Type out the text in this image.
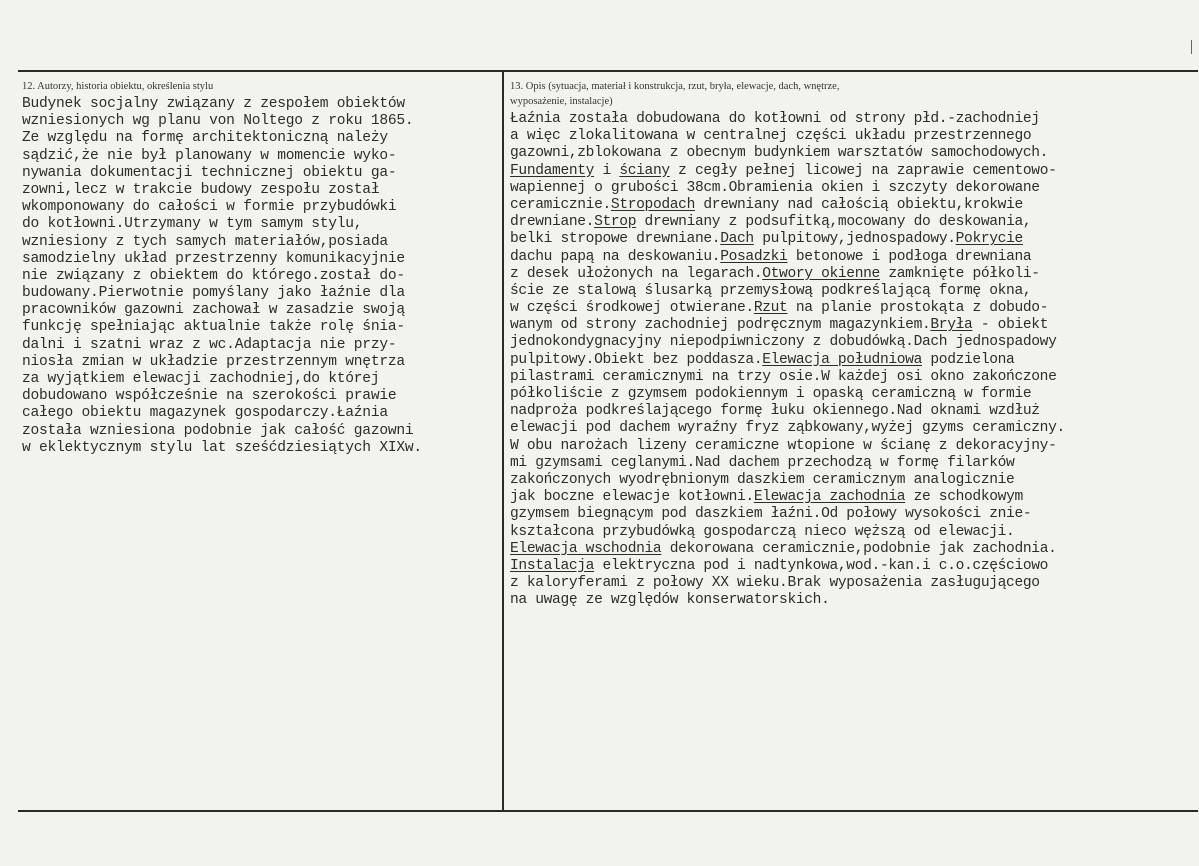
12. Autorzy, historia obiektu, określenia stylu
Budynek socjalny związany z zespołem obiektów
wzniesionych wg planu von Noltego z roku 1865.
Ze względu na formę architektoniczną należy
sądzić,że nie był planowany w momencie wyko-
nywania dokumentacji technicznej obiektu ga-
zowni,lecz w trakcie budowy zespołu został
wkomponowany do całości w formie przybudówki
do kotłowni.Utrzymany w tym samym stylu,
wzniesiony z tych samych materiałów,posiada
samodzielny układ przestrzenny komunikacyjnie
nie związany z obiektem do którego.został do-
budowany.Pierwotnie pomyślany jako łaźnie dla
pracowników gazowni zachował w zasadzie swoją
funkcję spełniając aktualnie także rolę śnia-
dalni i szatni wraz z wc.Adaptacja nie przy-
niosła zmian w układzie przestrzennym wnętrza
za wyjątkiem elewacji zachodniej,do której
dobudowano współcześnie na szerokości prawie
całego obiektu magazynek gospodarczy.Łaźnia
została wzniesiona podobnie jak całość gazowni
w eklektycznym stylu lat sześćdziesiątych XIXw.
13. Opis (sytuacja, materiał i konstrukcja, rzut, bryła, elewacje, dach, wnętrze,
wyposażenie, instalacje)
Łaźnia została dobudowana do kotłowni od strony płd.-zachodniej
a więc zlokalitowana w centralnej części układu przestrzennego
gazowni,zblokowana z obecnym budynkiem warsztatów samochodowych.
Fundamenty i ściany z cegły pełnej licowej na zaprawie cementowo-
wapiennej o grubości 38cm.Obramienia okien i szczyty dekorowane
ceramicznie.Stropodach drewniany nad całością obiektu,krokwie
drewniane.Strop drewniany z podsufitką,mocowany do deskowania,
belki stropowe drewniane.Dach pulpitowy,jednospadowy.Pokrycie
dachu papą na deskowaniu.Posadzki betonowe i podłoga drewniana
z desek ułożonych na legarach.Otwory okienne zamknięte półkoli-
ście ze stalową ślusarką przemysłową podkreślającą formę okna,
w części środkowej otwierane.Rzut na planie prostokąta z dobudo-
wanym od strony zachodniej podręcznym magazynkiem.Bryła - obiekt
jednokondygnacyjny niepodpiwniczony z dobudówką.Dach jednospadowy
pulpitowy.Obiekt bez poddasza.Elewacja południowa podzielona
pilastrami ceramicznymi na trzy osie.W każdej osi okno zakończone
półkoliście z gzymsem podokiennym i opaską ceramiczną w formie
nadproża podkreślającego formę łuku okiennego.Nad oknami wzdłuż
elewacji pod dachem wyraźny fryz ząbkowany,wyżej gzyms ceramiczny.
W obu narożach lizeny ceramiczne wtopione w ścianę z dekoracyjny-
mi gzymsami ceglanymi.Nad dachem przechodzą w formę filarków
zakończonych wyodrębnionym daszkiem ceramicznym analogicznie
jak boczne elewacje kotłowni.Elewacja zachodnia ze schodkowym
gzymsem biegnącym pod daszkiem łaźni.Od połowy wysokości znie-
kształcona przybudówką gospodarczą nieco węższą od elewacji.
Elewacja wschodnia dekorowana ceramicznie,podobnie jak zachodnia.
Instalacja elektryczna pod i nadtynkowa,wod.-kan.i c.o.częściowo
z kaloryferami z połowy XX wieku.Brak wyposażenia zasługującego
na uwagę ze względów konserwatorskich.
